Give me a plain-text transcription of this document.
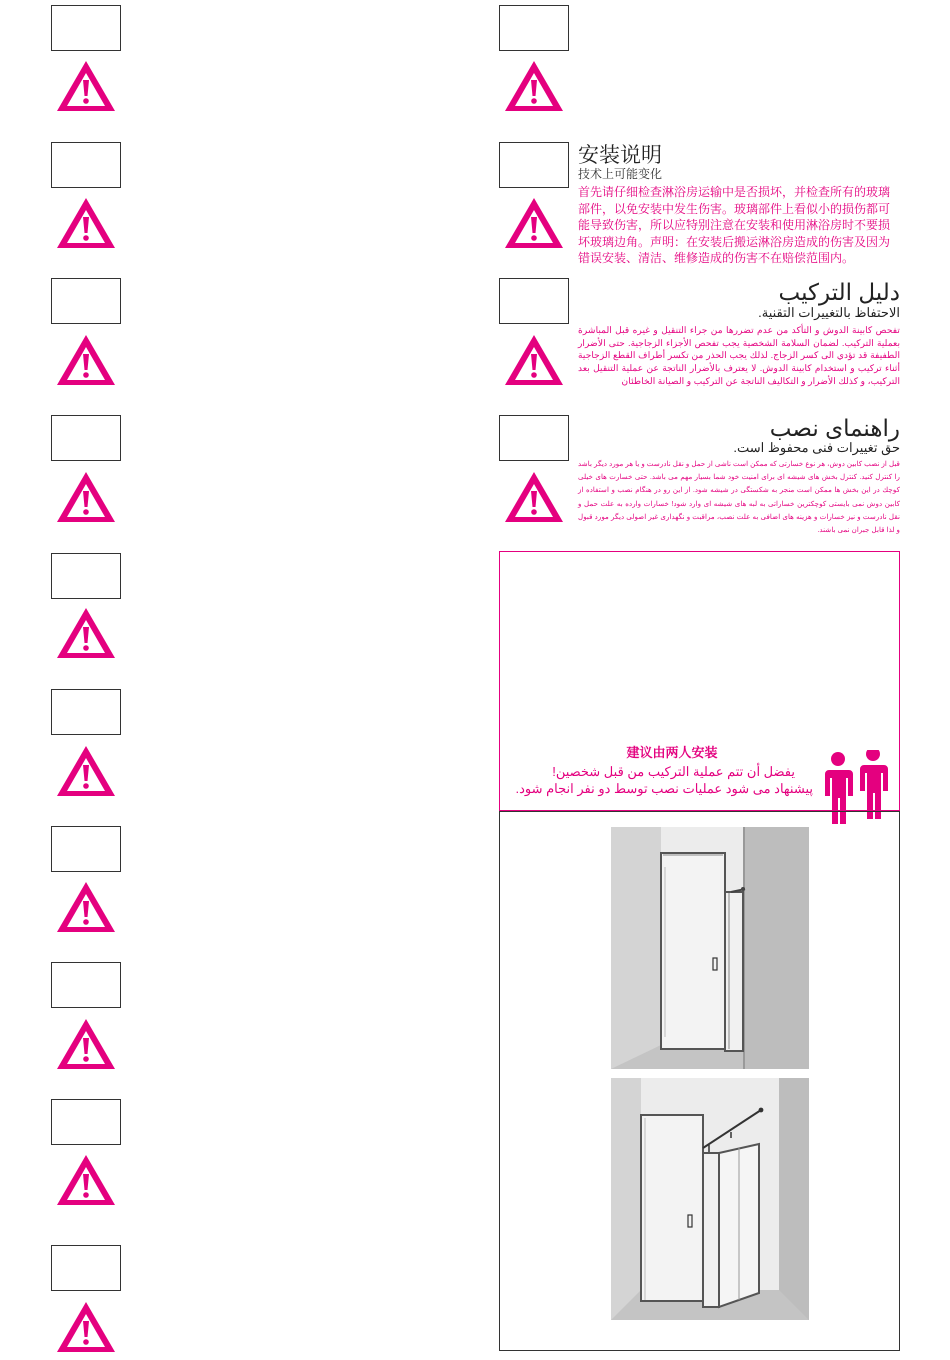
安装说明
技术上可能变化
首先请仔细检查淋浴房运输中是否损坏，并检查所有的玻璃部件，以免安装中发生伤害。玻璃部件上看似小的损伤都可能导致伤害，所以应特别注意在安装和使用淋浴房时不要损坏玻璃边角。声明：在安装后搬运淋浴房造成的伤害及因为错误安装、清洁、维修造成的伤害不在赔偿范围内。
دليل التركيب
الاحتفاظ بالتغييرات التقنية.
تفحص كابينة الدوش و التأكد من عدم تضررها من جراء التنقيل و غيره قبل المباشرة بعملية التركيب. لضمان السلامة الشخصية يجب تفحص الأجزاء الزجاجية. حتى الأضرار الطفيفة قد تؤدي الى كسر الزجاج. لذلك يجب الحذر من تكسر أطراف القطع الزجاجية أثناء تركيب و استخدام كابينة الدوش. لا يعترف بالأضرار الناتجة عن عملية التنقيل بعد التركيب، و كذلك الأضرار و التكاليف الناتجة عن التركيب و الصيانة الخاطئان
راهنمای نصب
حق تغییرات فنی محفوظ است.
قبل از نصب كابين دوش، هر نوع خسارتی كه ممكن است ناشی از حمل و نقل نادرست و يا هر مورد ديگر باشد را كنترل كنيد. كنترل بخش های شيشه ای برای امنيت خود شما بسيار مهم می باشد. حتی خسارت های خيلی كوچك در اين بخش ها ممكن است منجر به شكستگی در شيشه شود. از اين رو در هنگام نصب و استفاده از كابين دوش نمی بايستی كوچكترين خساراتی به لبه های شيشه ای وارد شود! خسارات وارده به علت حمل و نقل نادرست و نيز خسارات و هزينه های اضافی به علت نصب، مراقبت و نگهداری غير اصولی ديگر مورد قبول و لذا قابل جبران نمی باشند.
建议由两人安装
يفضل أن تتم عملية التركيب من قبل شخصين!
پيشنهاد می شود عمليات نصب توسط دو نفر انجام شود.
